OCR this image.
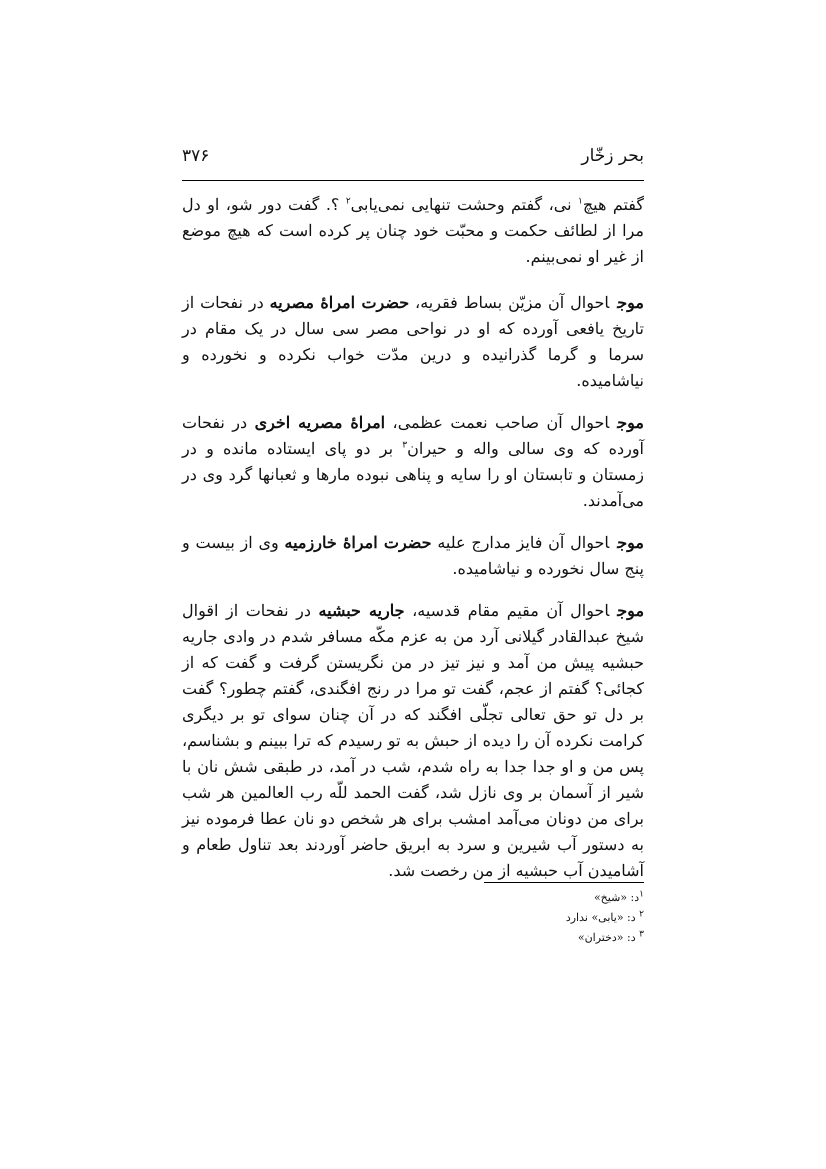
بحر زخّار
۳۷۶

گفتم هیچ$^۱$ نی، گفتم وحشت تنهایی نمی‌یابی$^۲$ ؟. گفت دور شو، او دل مرا از لطائف حکمت و محبّت خود چنان پر کرده است که هیچ موضع از غیر او نمی‌بینم.

موجاحوال آن مزیّن بساط فقریه، حضرت امراۀ مصریه در نفحات از تاریخ یافعی آورده که او در نواحی مصر سی سال در یک مقام در سرما و گرما گذرانیده و درین مدّت خواب نکرده و نخورده و نیاشامیده.

موجاحوال آن صاحب نعمت عظمی، امراۀ مصریه اخری در نفحات آورده که وی سالی واله و حیران$^۳$ بر دو پای ایستاده مانده و در زمستان و تابستان او را سایه و پناهی نبوده مارها و ثعبانها گرد وی در می‌آمدند.

موجاحوال آن فایز مدارج علیه حضرت امراۀ خارزمیه وی از بیست و پنج سال نخورده و نیاشامیده.

موجاحوال آن مقیم مقام قدسیه، جاریه حبشیه در نفحات از اقوال شیخ عبدالقادر گیلانی آرد من به عزم مکّه مسافر شدم در وادی جاریه حبشیه پیش من آمد و نیز تیز در من نگریستن گرفت و گفت که از کجائی؟ گفتم از عجم، گفت تو مرا در رنج افگندی، گفتم چطور؟ گفت بر دل تو حق تعالی تجلّی افگند که در آن چنان سوای تو بر دیگری کرامت نکرده آن را دیده از حبش به تو رسیدم که ترا ببینم و بشناسم، پس من و او جدا جدا به راه شدم، شب در آمد، در طبقی شش نان با شیر از آسمان بر وی نازل شد، گفت الحمد للّه رب العالمین هر شب برای من دونان می‌آمد امشب برای هر شخص دو نان عطا فرموده نیز به دستور آب شیرین و سرد به ابریق حاضر آوردند بعد تناول طعام و آشامیدن آب حبشیه از من رخصت شد.

$^۱$د: «شیخ»
$^۲$ د: «یابی» ندارد
$^۳$ د: «دختران»
